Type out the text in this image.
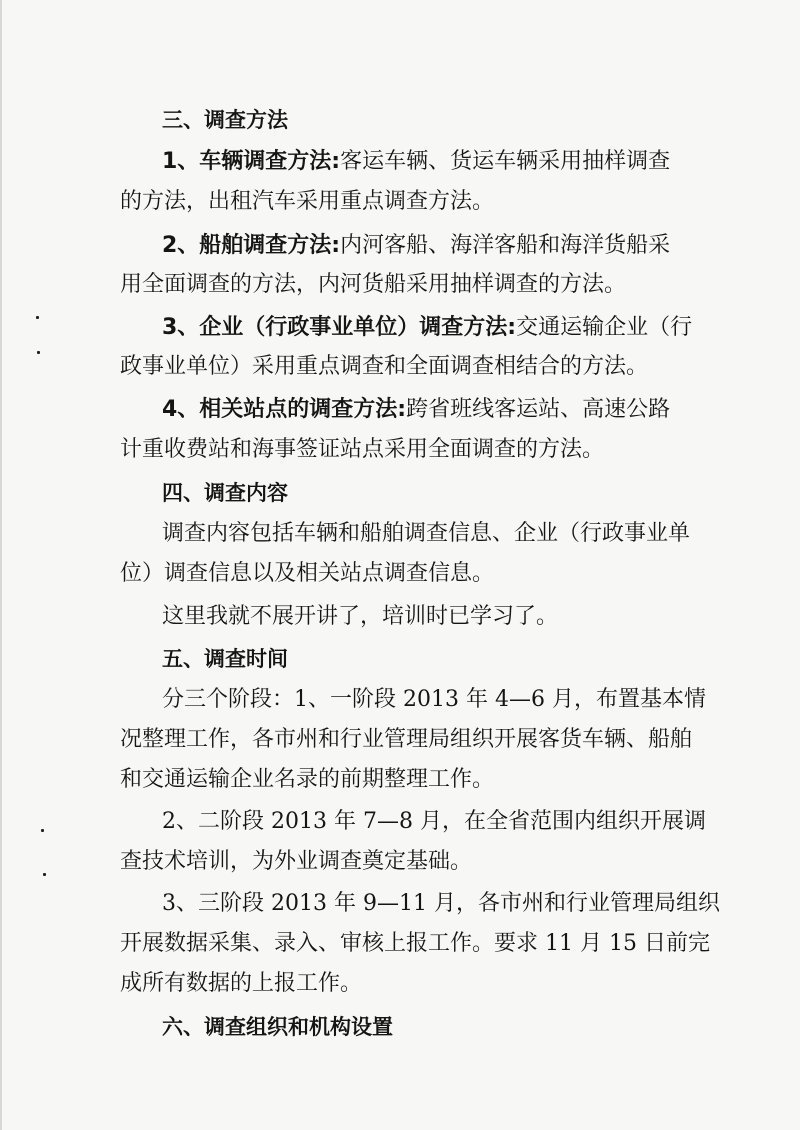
三、调查方法
1、车辆调查方法:客运车辆、货运车辆采用抽样调查
的方法，出租汽车采用重点调查方法。
2、船舶调查方法:内河客船、海洋客船和海洋货船采
用全面调查的方法，内河货船采用抽样调查的方法。
3、企业（行政事业单位）调查方法:交通运输企业（行
政事业单位）采用重点调查和全面调查相结合的方法。
4、相关站点的调查方法:跨省班线客运站、高速公路
计重收费站和海事签证站点采用全面调查的方法。
四、调查内容
调查内容包括车辆和船舶调查信息、企业（行政事业单
位）调查信息以及相关站点调查信息。
这里我就不展开讲了，培训时已学习了。
五、调查时间
分三个阶段：1、一阶段 2013 年 4—6 月，布置基本情
况整理工作，各市州和行业管理局组织开展客货车辆、船舶
和交通运输企业名录的前期整理工作。
2、二阶段 2013 年 7—8 月，在全省范围内组织开展调
查技术培训，为外业调查奠定基础。
3、三阶段 2013 年 9—11 月，各市州和行业管理局组织
开展数据采集、录入、审核上报工作。要求 11 月 15 日前完
成所有数据的上报工作。
六、调查组织和机构设置
